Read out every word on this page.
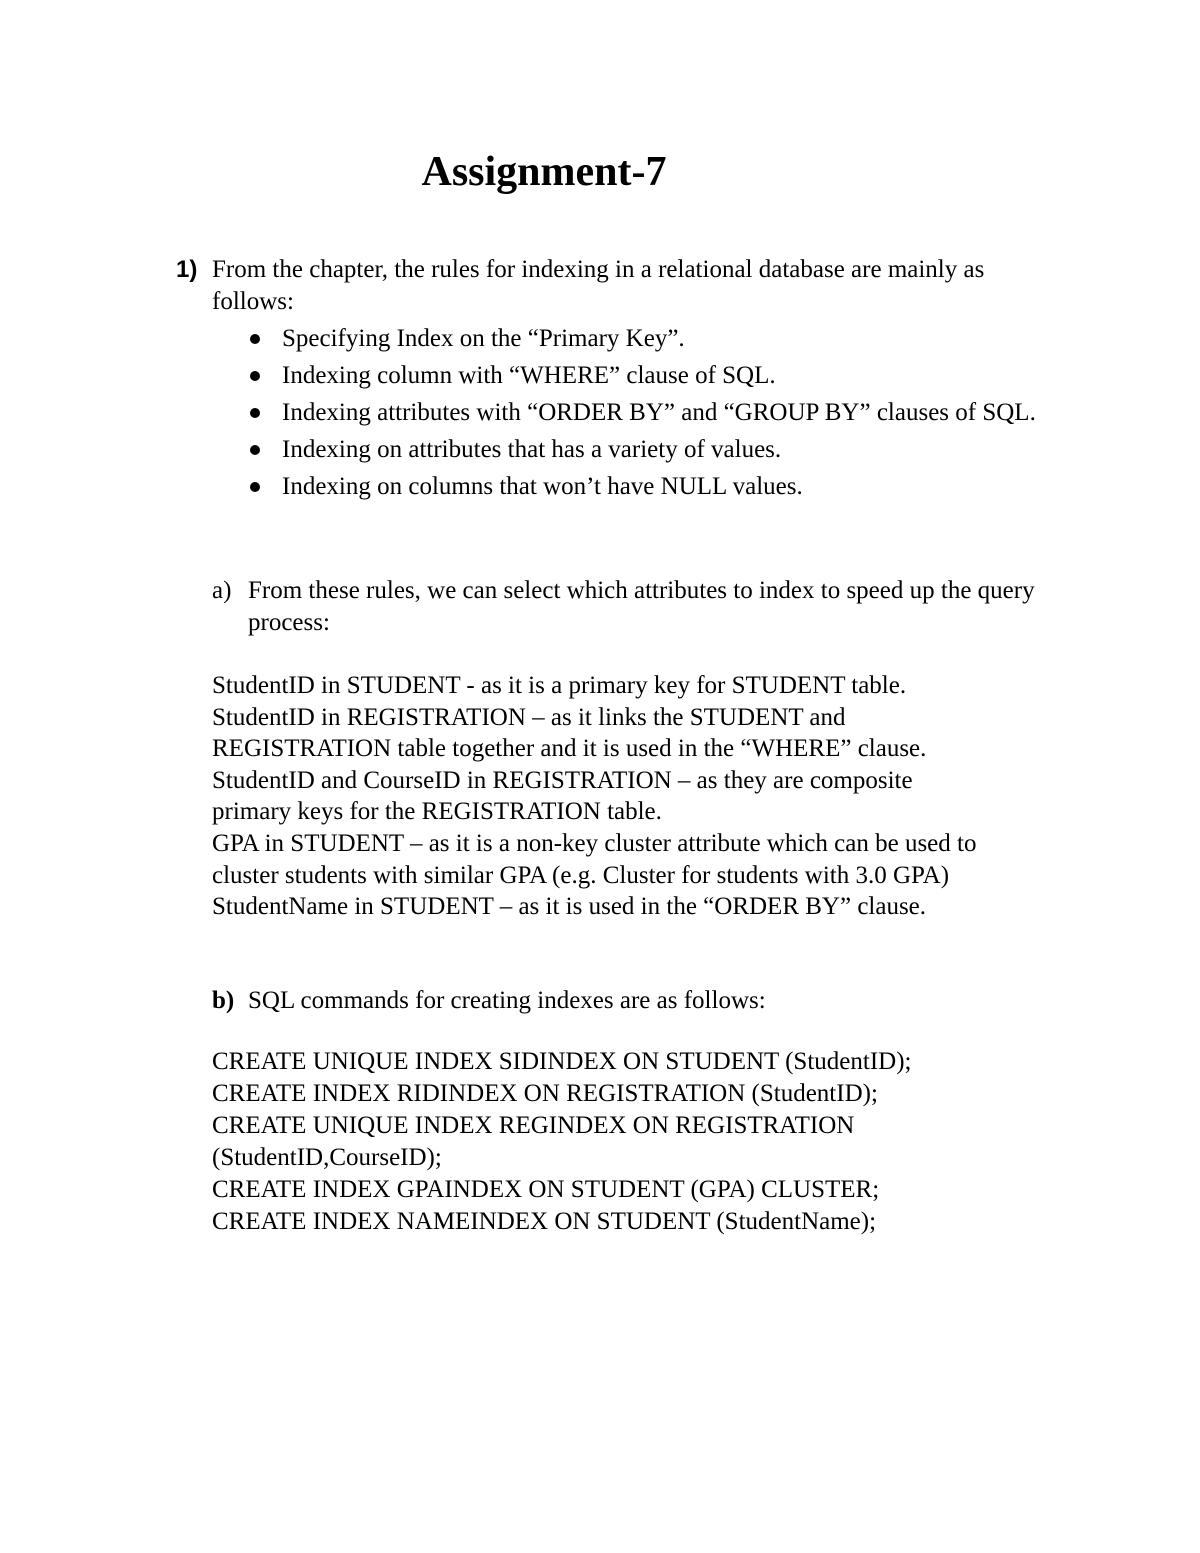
Assignment-7
1) From the chapter, the rules for indexing in a relational database are mainly as follows:

Specifying Index on the “Primary Key”.
Indexing column with “WHERE” clause of SQL.
Indexing attributes with “ORDER BY” and “GROUP BY” clauses of SQL.
Indexing on attributes that has a variety of values.
Indexing on columns that won’t have NULL values.
a) From these rules, we can select which attributes to index to speed up the query process:

StudentID in STUDENT - as it is a primary key for STUDENT table.

StudentID in REGISTRATION – as it links the STUDENT and

REGISTRATION table together and it is used in the “WHERE” clause.

StudentID and CourseID in REGISTRATION – as they are composite

primary keys for the REGISTRATION table.

GPA in STUDENT – as it is a non-key cluster attribute which can be used to

cluster students with similar GPA (e.g. Cluster for students with 3.0 GPA)

StudentName in STUDENT – as it is used in the “ORDER BY” clause.

b) SQL commands for creating indexes are as follows:

CREATE UNIQUE INDEX SIDINDEX ON STUDENT (StudentID);

CREATE INDEX RIDINDEX ON REGISTRATION (StudentID);

CREATE UNIQUE INDEX REGINDEX ON REGISTRATION

(StudentID,CourseID);

CREATE INDEX GPAINDEX ON STUDENT (GPA) CLUSTER;

CREATE INDEX NAMEINDEX ON STUDENT (StudentName);
